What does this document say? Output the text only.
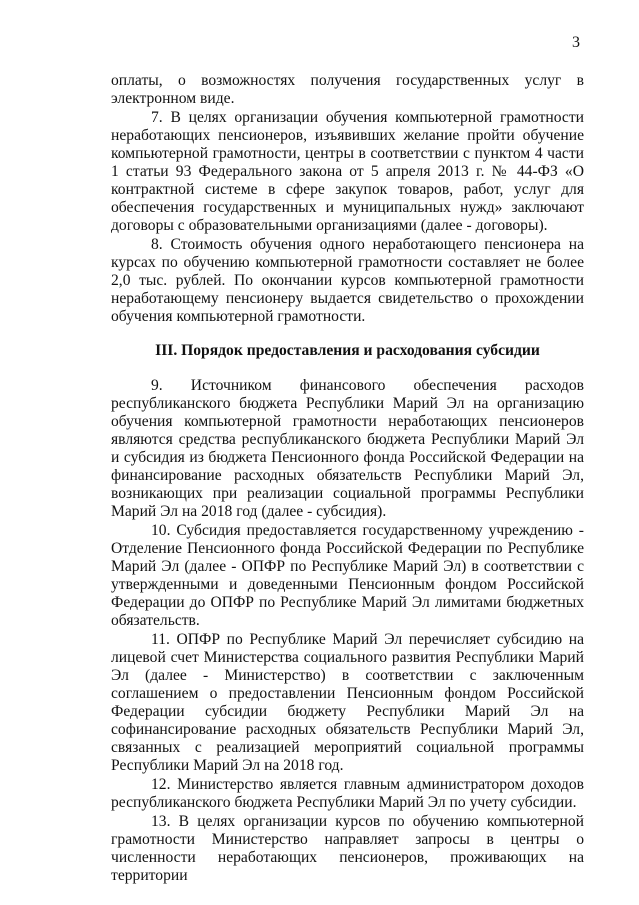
3

оплаты, о возможностях получения государственных услуг в электронном виде.

7. В целях организации обучения компьютерной грамотности неработающих пенсионеров, изъявивших желание пройти обучение компьютерной грамотности, центры в соответствии с пунктом 4 части 1 статьи 93 Федерального закона от 5 апреля 2013 г. № 44-ФЗ «О контрактной системе в сфере закупок товаров, работ, услуг для обеспечения государственных и муниципальных нужд» заключают договоры с образовательными организациями (далее - договоры).

8. Стоимость обучения одного неработающего пенсионера на курсах по обучению компьютерной грамотности составляет не более 2,0 тыс. рублей. По окончании курсов компьютерной грамотности неработающему пенсионеру выдается свидетельство о прохождении обучения компьютерной грамотности.

III. Порядок предоставления и расходования субсидии

9. Источником финансового обеспечения расходов республиканского бюджета Республики Марий Эл на организацию обучения компьютерной грамотности неработающих пенсионеров являются средства республиканского бюджета Республики Марий Эл и субсидия из бюджета Пенсионного фонда Российской Федерации на финансирование расходных обязательств Республики Марий Эл, возникающих при реализации социальной программы Республики Марий Эл на 2018 год (далее - субсидия).

10. Субсидия предоставляется государственному учреждению - Отделение Пенсионного фонда Российской Федерации по Республике Марий Эл (далее - ОПФР по Республике Марий Эл) в соответствии с утвержденными и доведенными Пенсионным фондом Российской Федерации до ОПФР по Республике Марий Эл лимитами бюджетных обязательств.

11. ОПФР по Республике Марий Эл перечисляет субсидию на лицевой счет Министерства социального развития Республики Марий Эл (далее - Министерство) в соответствии с заключенным соглашением о предоставлении Пенсионным фондом Российской Федерации субсидии бюджету Республики Марий Эл на софинансирование расходных обязательств Республики Марий Эл, связанных с реализацией мероприятий социальной программы Республики Марий Эл на 2018 год.

12. Министерство является главным администратором доходов республиканского бюджета Республики Марий Эл по учету субсидии.

13. В целях организации курсов по обучению компьютерной грамотности Министерство направляет запросы в центры о численности неработающих пенсионеров, проживающих на территории
